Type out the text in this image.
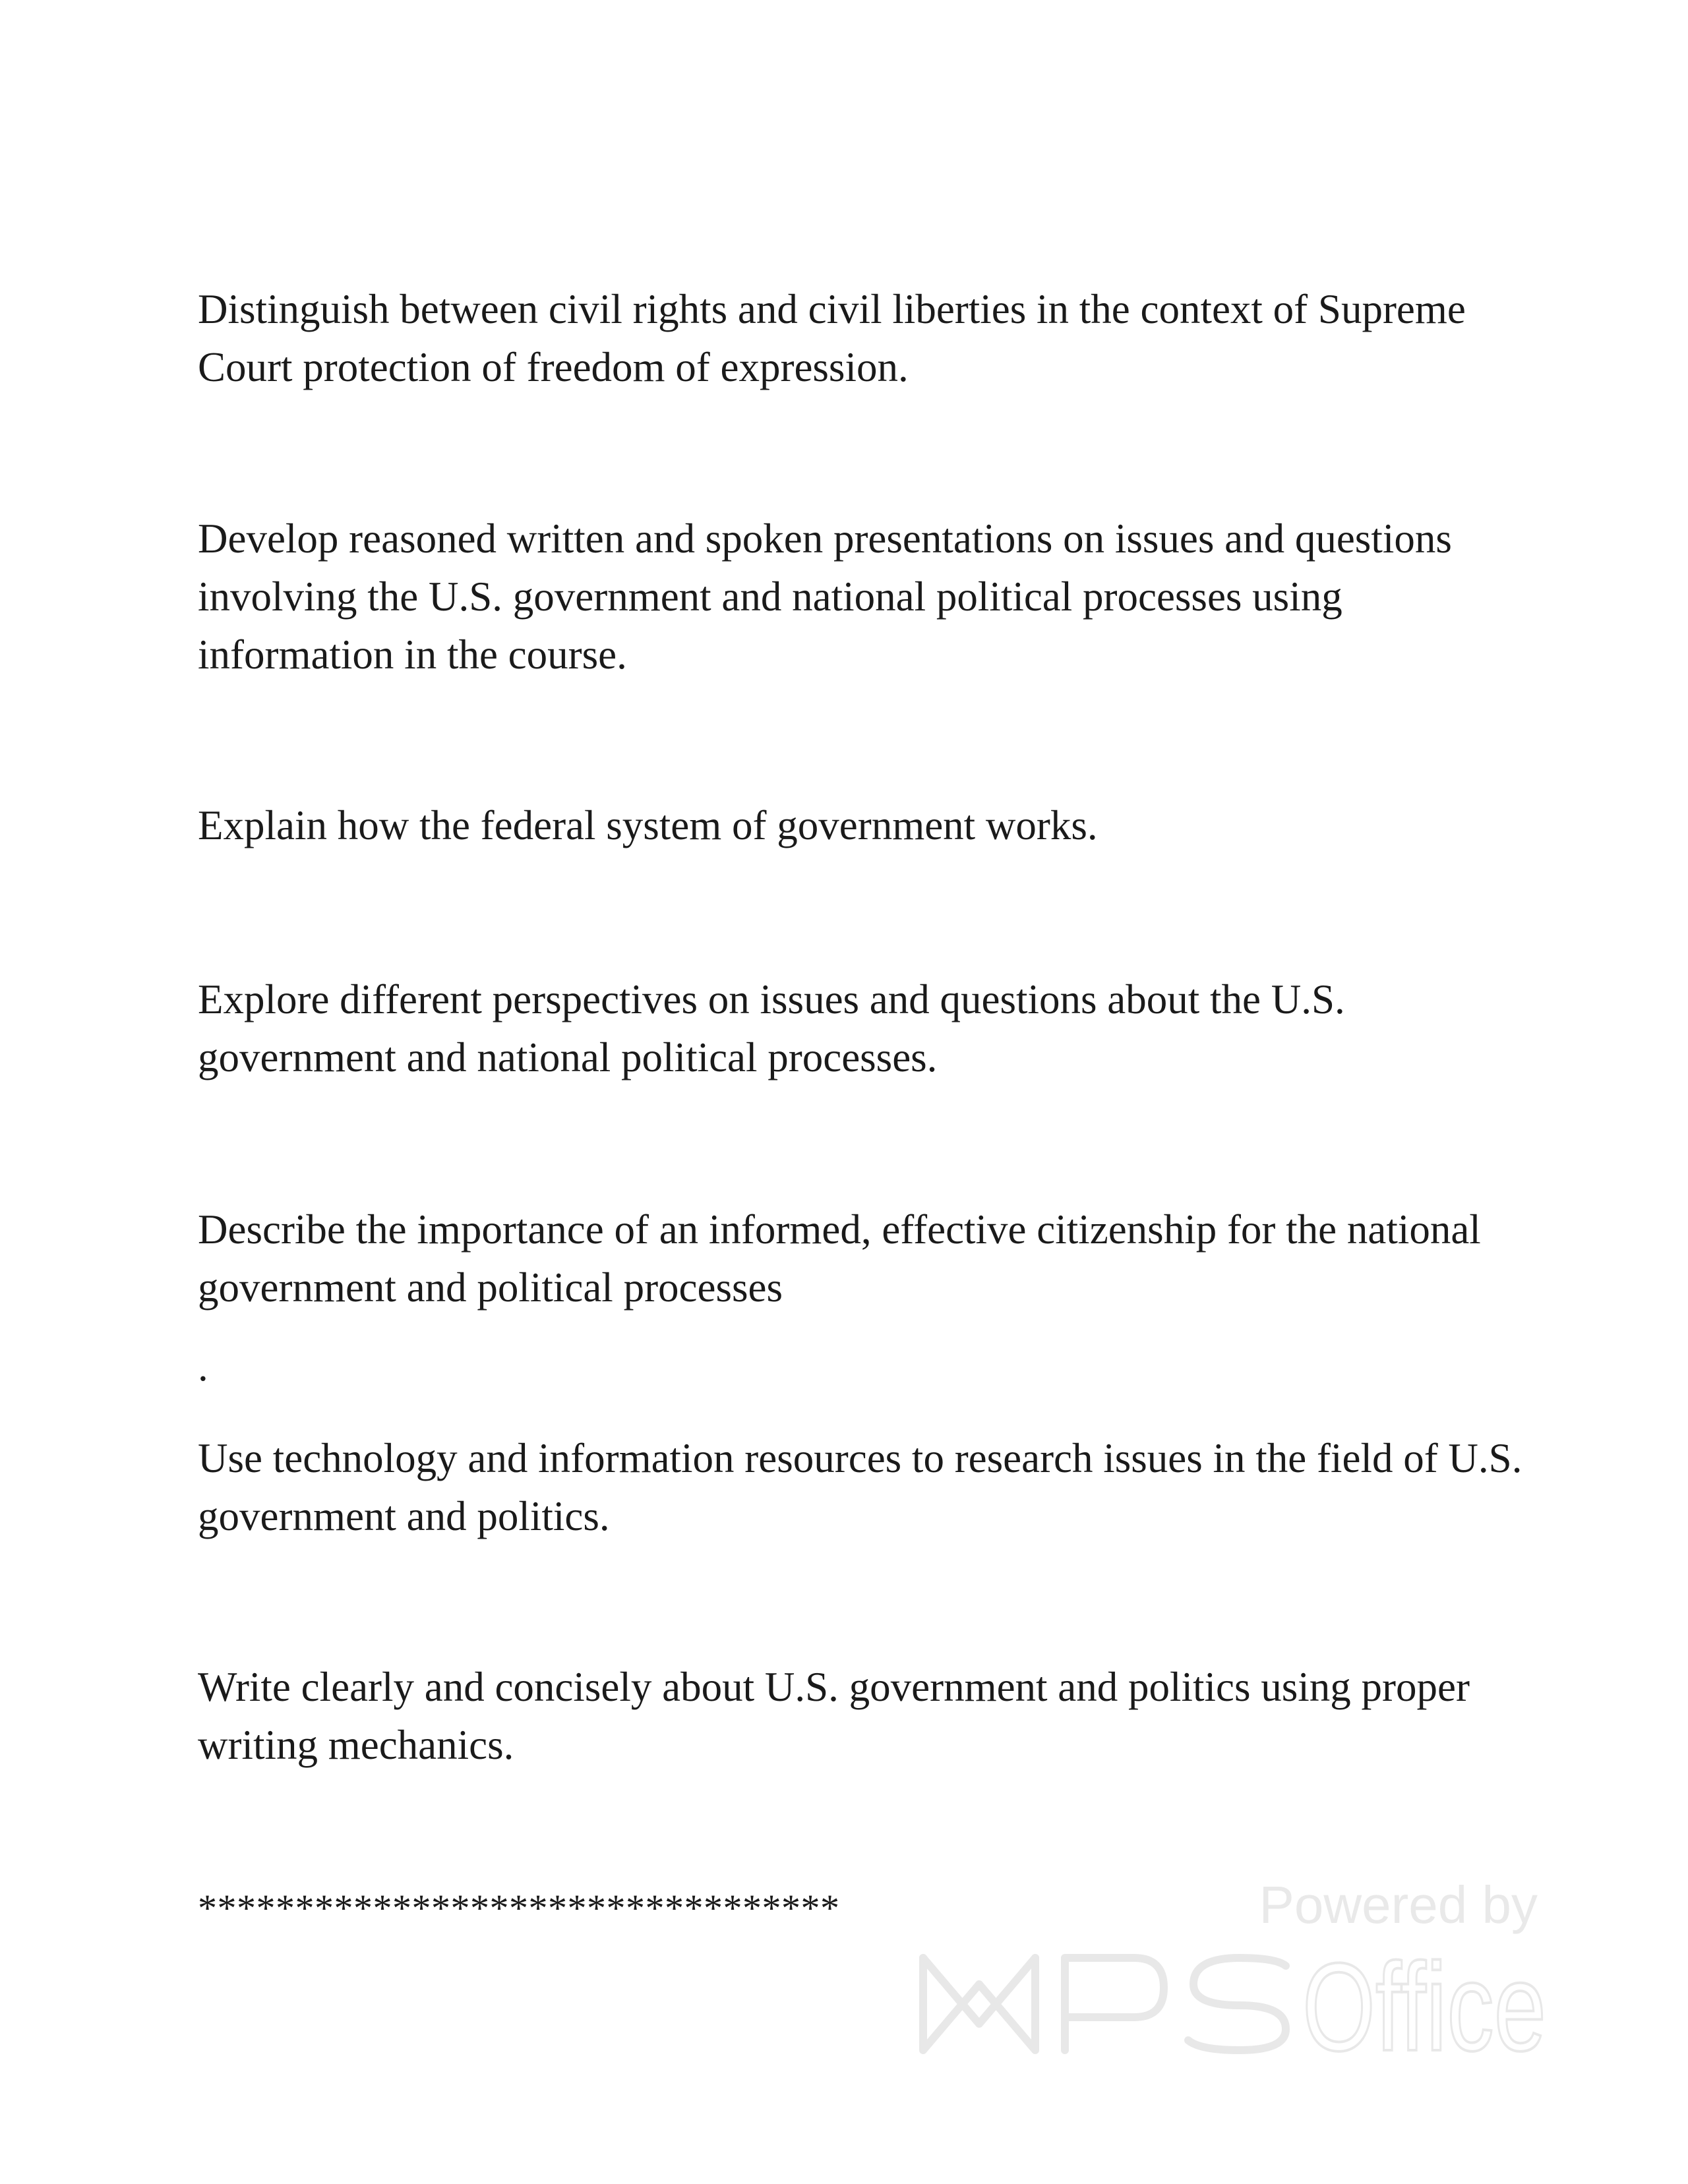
Distinguish between civil rights and civil liberties in the context of Supreme Court protection of freedom of expression.

Develop reasoned written and spoken presentations on issues and questions involving the U.S. government and national political processes using information in the course.

Explain how the federal system of government works.

Explore different perspectives on issues and questions about the U.S. government and national political processes.

Describe the importance of an informed, effective citizenship for the national government and political processes

.

Use technology and information resources to research issues in the field of U.S. government and politics.

Write clearly and concisely about U.S. government and politics using proper writing mechanics.

*********************************	Powered by
Office
